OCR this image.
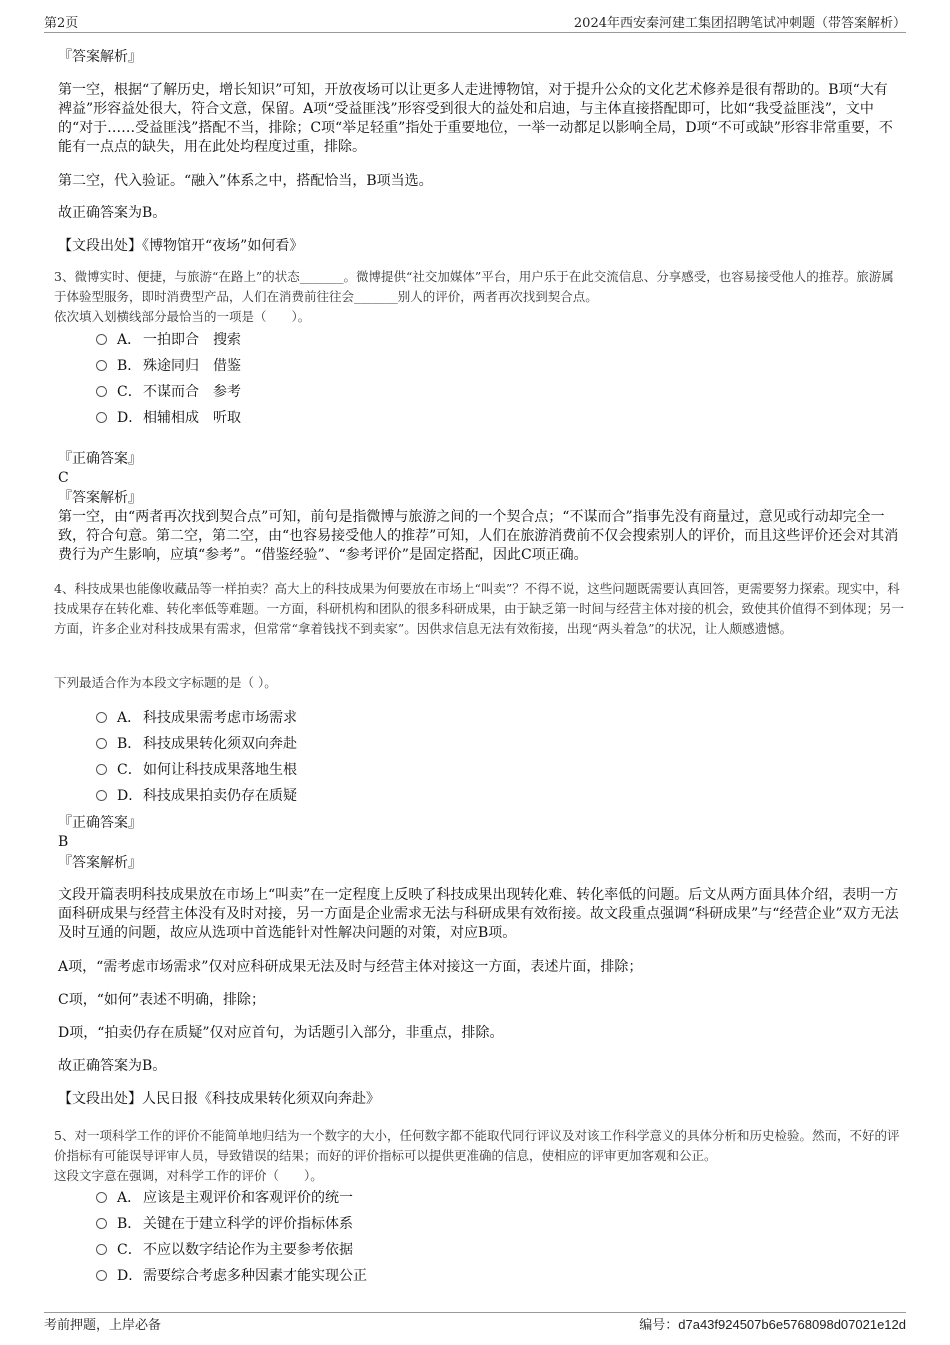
第2页	2024年西安秦河建工集团招聘笔试冲刺题（带答案解析）
『答案解析』
第一空，根据“了解历史，增长知识”可知，开放夜场可以让更多人走进博物馆，对于提升公众的文化艺术修养是很有帮助的。B项“大有裨益”形容益处很大，符合文意，保留。A项“受益匪浅”形容受到很大的益处和启迪，与主体直接搭配即可，比如“我受益匪浅”，文中的“对于……受益匪浅”搭配不当，排除；C项“举足轻重”指处于重要地位，一举一动都足以影响全局，D项“不可或缺”形容非常重要，不能有一点点的缺失，用在此处均程度过重，排除。
第二空，代入验证。“融入”体系之中，搭配恰当，B项当选。
故正确答案为B。
【文段出处】《博物馆开“夜场”如何看》
3、微博实时、便捷，与旅游“在路上”的状态_______。微博提供“社交加媒体”平台，用户乐于在此交流信息、分享感受，也容易接受他人的推荐。旅游属于体验型服务，即时消费型产品，人们在消费前往往会_______别人的评价，两者再次找到契合点。
依次填入划横线部分最恰当的一项是（　　）。
A． 一拍即合　搜索
B． 殊途同归　借鉴
C．不谋而合　参考
D．相辅相成　听取
『正确答案』
C
『答案解析』
第一空，由“两者再次找到契合点”可知，前句是指微博与旅游之间的一个契合点；“不谋而合”指事先没有商量过，意见或行动却完全一致，符合句意。第二空，第二空，由“也容易接受他人的推荐”可知，人们在旅游消费前不仅会搜索别人的评价，而且这些评价还会对其消费行为产生影响，应填“参考”。“借鉴经验”、“参考评价”是固定搭配，因此C项正确。
4、科技成果也能像收藏品等一样拍卖？高大上的科技成果为何要放在市场上“叫卖”？不得不说，这些问题既需要认真回答，更需要努力探索。现实中，科技成果存在转化难、转化率低等难题。一方面，科研机构和团队的很多科研成果，由于缺乏第一时间与经营主体对接的机会，致使其价值得不到体现；另一方面，许多企业对科技成果有需求，但常常“拿着钱找不到卖家”。因供求信息无法有效衔接，出现“两头着急”的状况，让人颇感遗憾。
下列最适合作为本段文字标题的是（ ）。
A． 科技成果需考虑市场需求
B． 科技成果转化须双向奔赴
C．如何让科技成果落地生根
D．科技成果拍卖仍存在质疑
『正确答案』
B
『答案解析』
文段开篇表明科技成果放在市场上“叫卖”在一定程度上反映了科技成果出现转化难、转化率低的问题。后文从两方面具体介绍，表明一方面科研成果与经营主体没有及时对接，另一方面是企业需求无法与科研成果有效衔接。故文段重点强调“科研成果”与“经营企业”双方无法及时互通的问题，故应从选项中首选能针对性解决问题的对策，对应B项。
A项，“需考虑市场需求”仅对应科研成果无法及时与经营主体对接这一方面，表述片面，排除；
C项，“如何”表述不明确，排除；
D项，“拍卖仍存在质疑”仅对应首句，为话题引入部分，非重点，排除。
故正确答案为B。
【文段出处】人民日报《科技成果转化须双向奔赴》
5、对一项科学工作的评价不能简单地归结为一个数字的大小，任何数字都不能取代同行评议及对该工作科学意义的具体分析和历史检验。然而，不好的评价指标有可能误导评审人员，导致错误的结果；而好的评价指标可以提供更准确的信息，使相应的评审更加客观和公正。
这段文字意在强调，对科学工作的评价（　　）。
A． 应该是主观评价和客观评价的统一
B． 关键在于建立科学的评价指标体系
C．不应以数字结论作为主要参考依据
D．需要综合考虑多种因素才能实现公正
考前押题，上岸必备	编号：d7a43f924507b6e5768098d07021e12d
